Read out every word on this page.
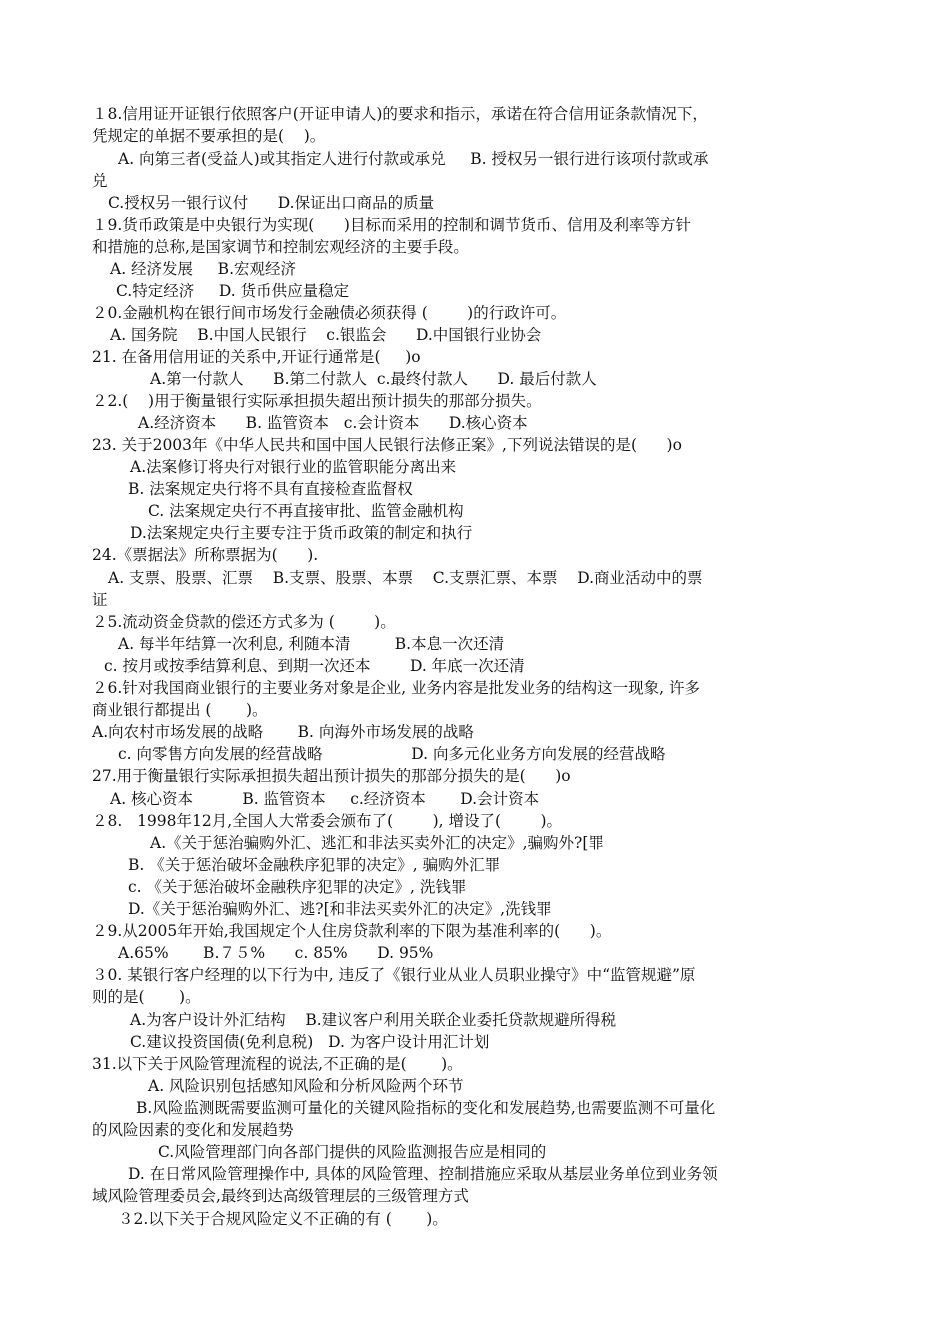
１8.信用证开证银行依照客户(开证申请人)的要求和指示，承诺在符合信用证条款情况下，
凭规定的单据不要承担的是(    )。
A. 向第三者(受益人)或其指定人进行付款或承兑     B. 授权另一银行进行该项付款或承
兑
C.授权另一银行议付      D.保证出口商品的质量
１9.货币政策是中央银行为实现(      )目标而采用的控制和调节货币、信用及利率等方针
和措施的总称,是国家调节和控制宏观经济的主要手段。
A. 经济发展     B.宏观经济
C.特定经济     D. 货币供应量稳定
２0.金融机构在银行间市场发行金融债必须获得 (        )的行政许可。
A. 国务院    B.中国人民银行    c.银监会      D.中国银行业协会
21. 在备用信用证的关系中,开证行通常是(     )o
A.第一付款人      B.第二付款人  c.最终付款人      D. 最后付款人
２2.(    )用于衡量银行实际承担损失超出预计损失的那部分损失。
A.经济资本      B. 监管资本   c.会计资本      D.核心资本
23. 关于2003年《中华人民共和国中国人民银行法修正案》,下列说法错误的是(      )o
A.法案修订将央行对银行业的监管职能分离出来
B. 法案规定央行将不具有直接检查监督权
C. 法案规定央行不再直接审批、监管金融机构
D.法案规定央行主要专注于货币政策的制定和执行
24.《票据法》所称票据为(      ).
A. 支票、股票、汇票    B.支票、股票、本票    C.支票汇票、本票    D.商业活动中的票
证
２5.流动资金贷款的偿还方式多为 (        )。
A. 每半年结算一次利息, 利随本清         B.本息一次还清
c. 按月或按季结算利息、到期一次还本        D. 年底一次还清
２6.针对我国商业银行的主要业务对象是企业, 业务内容是批发业务的结构这一现象, 许多
商业银行都提出 (       )。
A.向农村市场发展的战略       B. 向海外市场发展的战略
c. 向零售方向发展的经营战略                  D. 向多元化业务方向发展的经营战略
27.用于衡量银行实际承担损失超出预计损失的那部分损失的是(      )o
A. 核心资本          B. 监管资本     c.经济资本       D.会计资本
２8.   1998年12月,全国人大常委会颁布了(        ), 增设了(        )。
A.《关于惩治骗购外汇、逃汇和非法买卖外汇的决定》,骗购外?[罪
B. 《关于惩治破坏金融秩序犯罪的决定》, 骗购外汇罪
c. 《关于惩治破坏金融秩序犯罪的决定》, 洗钱罪
D.《关于惩治骗购外汇、逃?[和非法买卖外汇的决定》,洗钱罪
２9.从2005年开始,我国规定个人住房贷款利率的下限为基准利率的(      )。
A.65%       B.７５%      c. 85%      D. 95%
３0. 某银行客户经理的以下行为中, 违反了《银行业从业人员职业操守》中“监管规避”原
则的是(       )。
A.为客户设计外汇结构    B.建议客户利用关联企业委托贷款规避所得税
C.建议投资国债(免利息税)   D. 为客户设计用汇计划
31.以下关于风险管理流程的说法,不正确的是(       )。
A. 风险识别包括感知风险和分析风险两个环节
B.风险监测既需要监测可量化的关键风险指标的变化和发展趋势,也需要监测不可量化
的风险因素的变化和发展趋势
C.风险管理部门向各部门提供的风险监测报告应是相同的
D. 在日常风险管理操作中, 具体的风险管理、控制措施应采取从基层业务单位到业务领
域风险管理委员会,最终到达高级管理层的三级管理方式
３2.以下关于合规风险定义不正确的有 (       )。
